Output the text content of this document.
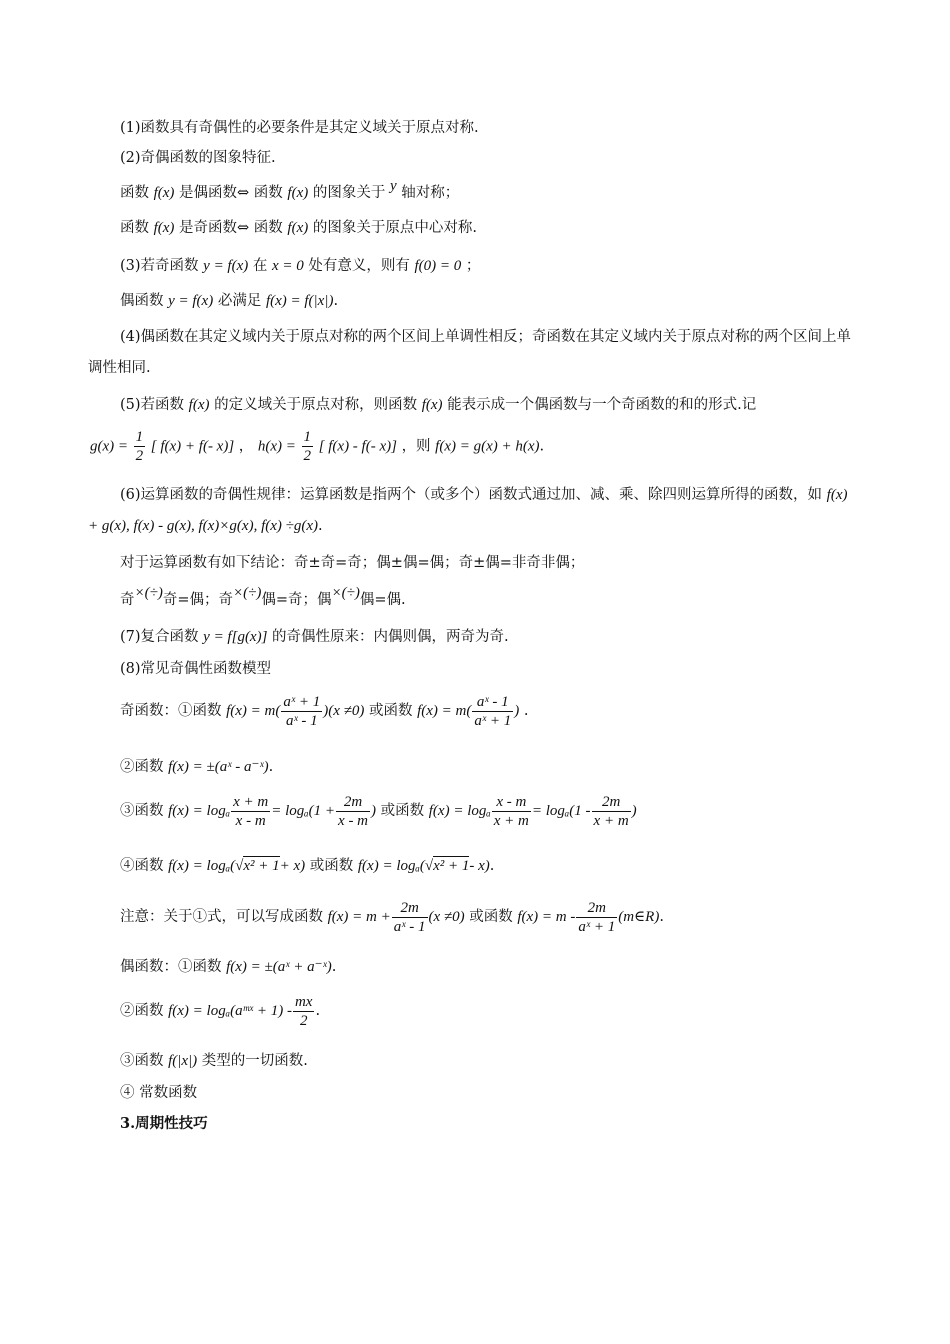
(1)函数具有奇偶性的必要条件是其定义域关于原点对称.
(2)奇偶函数的图象特征.
函数 f(x) 是偶函数⇔ 函数 f(x) 的图象关于 y 轴对称；
函数 f(x) 是奇函数⇔ 函数 f(x) 的图象关于原点中心对称.
(3)若奇函数 y = f(x) 在 x = 0 处有意义，则有 f(0) = 0 ；
偶函数 y = f(x) 必满足 f(x) = f(|x|).
(4)偶函数在其定义域内关于原点对称的两个区间上单调性相反；奇函数在其定义域内关于原点对称的两个区间上单调性相同.
(5)若函数 f(x) 的定义域关于原点对称，则函数 f(x) 能表示成一个偶函数与一个奇函数的和的形式.记
$g(x) = \frac{1}{2}$ [ f(x) + f(- x)] ， $h(x) = \frac{1}{2}$ [ f(x) - f(- x)] ，则 f(x) = g(x) + h(x).
(6)运算函数的奇偶性规律：运算函数是指两个（或多个）函数式通过加、减、乘、除四则运算所得的函数，如 f(x) + g(x), f(x) - g(x), f(x)×g(x), f(x) ÷g(x).
对于运算函数有如下结论：奇±奇=奇；偶±偶=偶；奇±偶=非奇非偶；
奇×(÷)奇=偶；奇×(÷)偶=奇；偶×(÷)偶=偶.
(7)复合函数 y = f[g(x)] 的奇偶性原来：内偶则偶，两奇为奇.
(8)常见奇偶性函数模型
奇函数：①函数 $f(x) = m( \frac{\text{aˣ + 1}}{\text{aˣ - 1}} )(x \ne 0)$ 或函数 $f(x) = m( \frac{\text{aˣ - 1}}{\text{aˣ + 1}}$ ) .
②函数 f(x) = ±(aˣ - a⁻ˣ).
③函数 f(x) = logₐ $\frac{x + m}{x - m} = \log_a(1 + \frac{2m}{x - m}$ ) 或函数 f(x) = logₐ $\frac{x - m}{x + m} = \log_a(1 - \frac{2m}{x + m}$ )
④函数 f(x) = logₐ(√x² + 1+ x) 或函数 f(x) = logₐ(√x² + 1- x).
注意：关于①式，可以写成函数 $f(x) = m + \frac{2m}{\text{aˣ - 1}} (x \ne 0)$ 或函数 $f(x) = m - \frac{2m}{\text{aˣ + 1}}$ (m∈R).
偶函数：①函数 f(x) = ±(aˣ + a⁻ˣ).
②函数 f(x) = logₐ(aᵐˣ + $1) - \frac{mx}{2}$ .
③函数 f(|x|) 类型的一切函数.
④ 常数函数
3.周期性技巧
